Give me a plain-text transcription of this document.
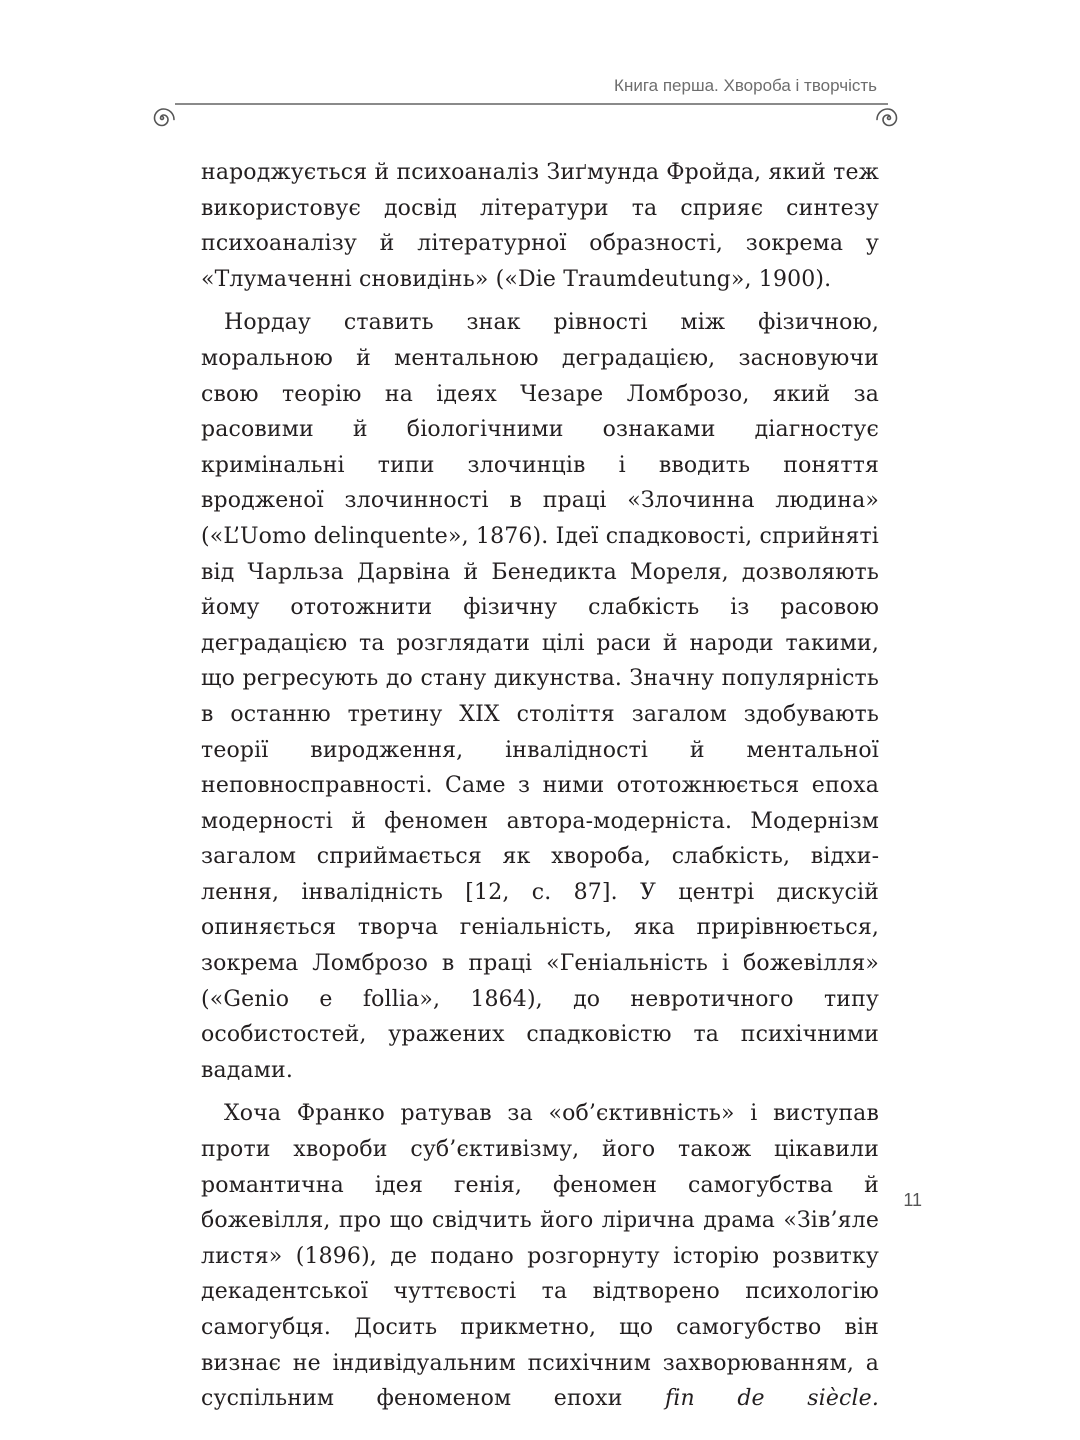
Книга перша. Хвороба і творчість

народжується й психоаналіз Зиґмунда Фройда, який теж використовує досвід літератури та сприяє синтезу психоаналізу й літературної образності, зокрема у «Тлумаченні сновидінь» («Die Traumdeutung», 1900).

Нордау ставить знак рівності між фізичною, моральною й ментальною деградацією, засновуючи свою теорію на ідеях Чезаре Ломброзо, який за расовими й біологічними ознаками діагностує кримінальні типи злочинців і вводить поняття вродженої злочинності в праці «Злочинна людина» («L’Uomo delinquente», 1876). Ідеї спадковості, сприйняті від Чарльза Дарвіна й Бенедикта Мореля, дозволяють йому ототожнити фізичну слабкість із расовою деградацією та розглядати цілі раси й народи такими, що регресують до стану дикунства. Значну популярність в останню третину XIX століття загалом здобувають теорії виродження, інвалідності й ментальної неповносправності. Саме з ними ототожнюється епоха модерності й феномен автора-модерніста. Модернізм загалом сприймається як хвороба, слабкість, відхилення, інвалідність [12, с. 87]. У центрі дискусій опиняється творча геніальність, яка прирівнюється, зокрема Ломброзо в праці «Геніальність і божевілля» («Genio e follia», 1864), до невротичного типу особистостей, уражених спадковістю та психічними вадами.

Хоча Франко ратував за «об’єктивність» і виступав проти хвороби суб’єктивізму, його також цікавили романтична ідея генія, феномен самогубства й божевілля, про що свідчить його лірична драма «Зів’яле листя» (1896), де подано розгорнуту історію розвитку декадентської чуттєвості та відтворено психологію самогубця. Досить прикметно, що самогубство він визнає не індивідуальним психічним захворюванням, а суспільним феноменом епохи fin de siècle.

11
